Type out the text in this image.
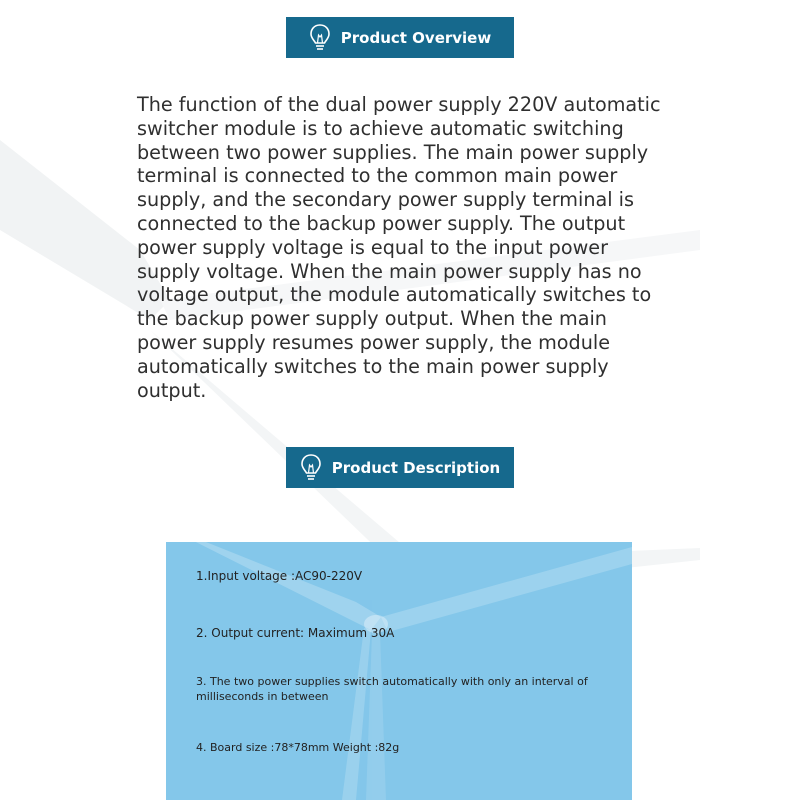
Product Overview

The function of the dual power supply 220V automatic switcher module is to achieve automatic switching between two power supplies. The main power supply terminal is connected to the common main power supply, and the secondary power supply terminal is connected to the backup power supply. The output power supply voltage is equal to the input power supply voltage. When the main power supply has no voltage output, the module automatically switches to the backup power supply output. When the main power supply resumes power supply, the module automatically switches to the main power supply output.

Product Description

1.Input voltage :AC90-220V

2. Output current: Maximum 30A

3. The two power supplies switch automatically with only an interval of milliseconds in between

4. Board size :78*78mm Weight :82g
